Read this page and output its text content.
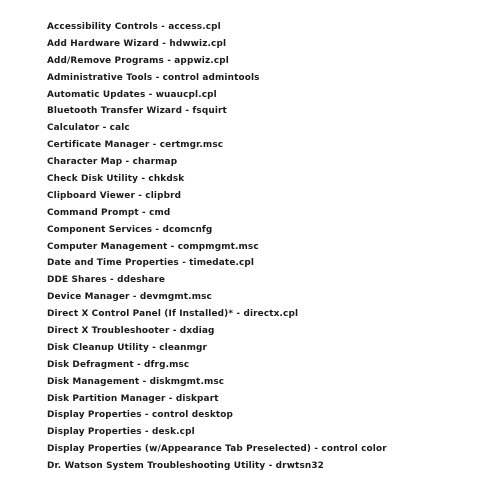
Accessibility Controls - access.cpl
Add Hardware Wizard - hdwwiz.cpl
Add/Remove Programs - appwiz.cpl
Administrative Tools - control admintools
Automatic Updates - wuaucpl.cpl
Bluetooth Transfer Wizard - fsquirt
Calculator - calc
Certificate Manager - certmgr.msc
Character Map - charmap
Check Disk Utility - chkdsk
Clipboard Viewer - clipbrd
Command Prompt - cmd
Component Services - dcomcnfg
Computer Management - compmgmt.msc
Date and Time Properties - timedate.cpl
DDE Shares - ddeshare
Device Manager - devmgmt.msc
Direct X Control Panel (If Installed)* - directx.cpl
Direct X Troubleshooter - dxdiag
Disk Cleanup Utility - cleanmgr
Disk Defragment - dfrg.msc
Disk Management - diskmgmt.msc
Disk Partition Manager - diskpart
Display Properties - control desktop
Display Properties - desk.cpl
Display Properties (w/Appearance Tab Preselected) - control color
Dr. Watson System Troubleshooting Utility - drwtsn32
